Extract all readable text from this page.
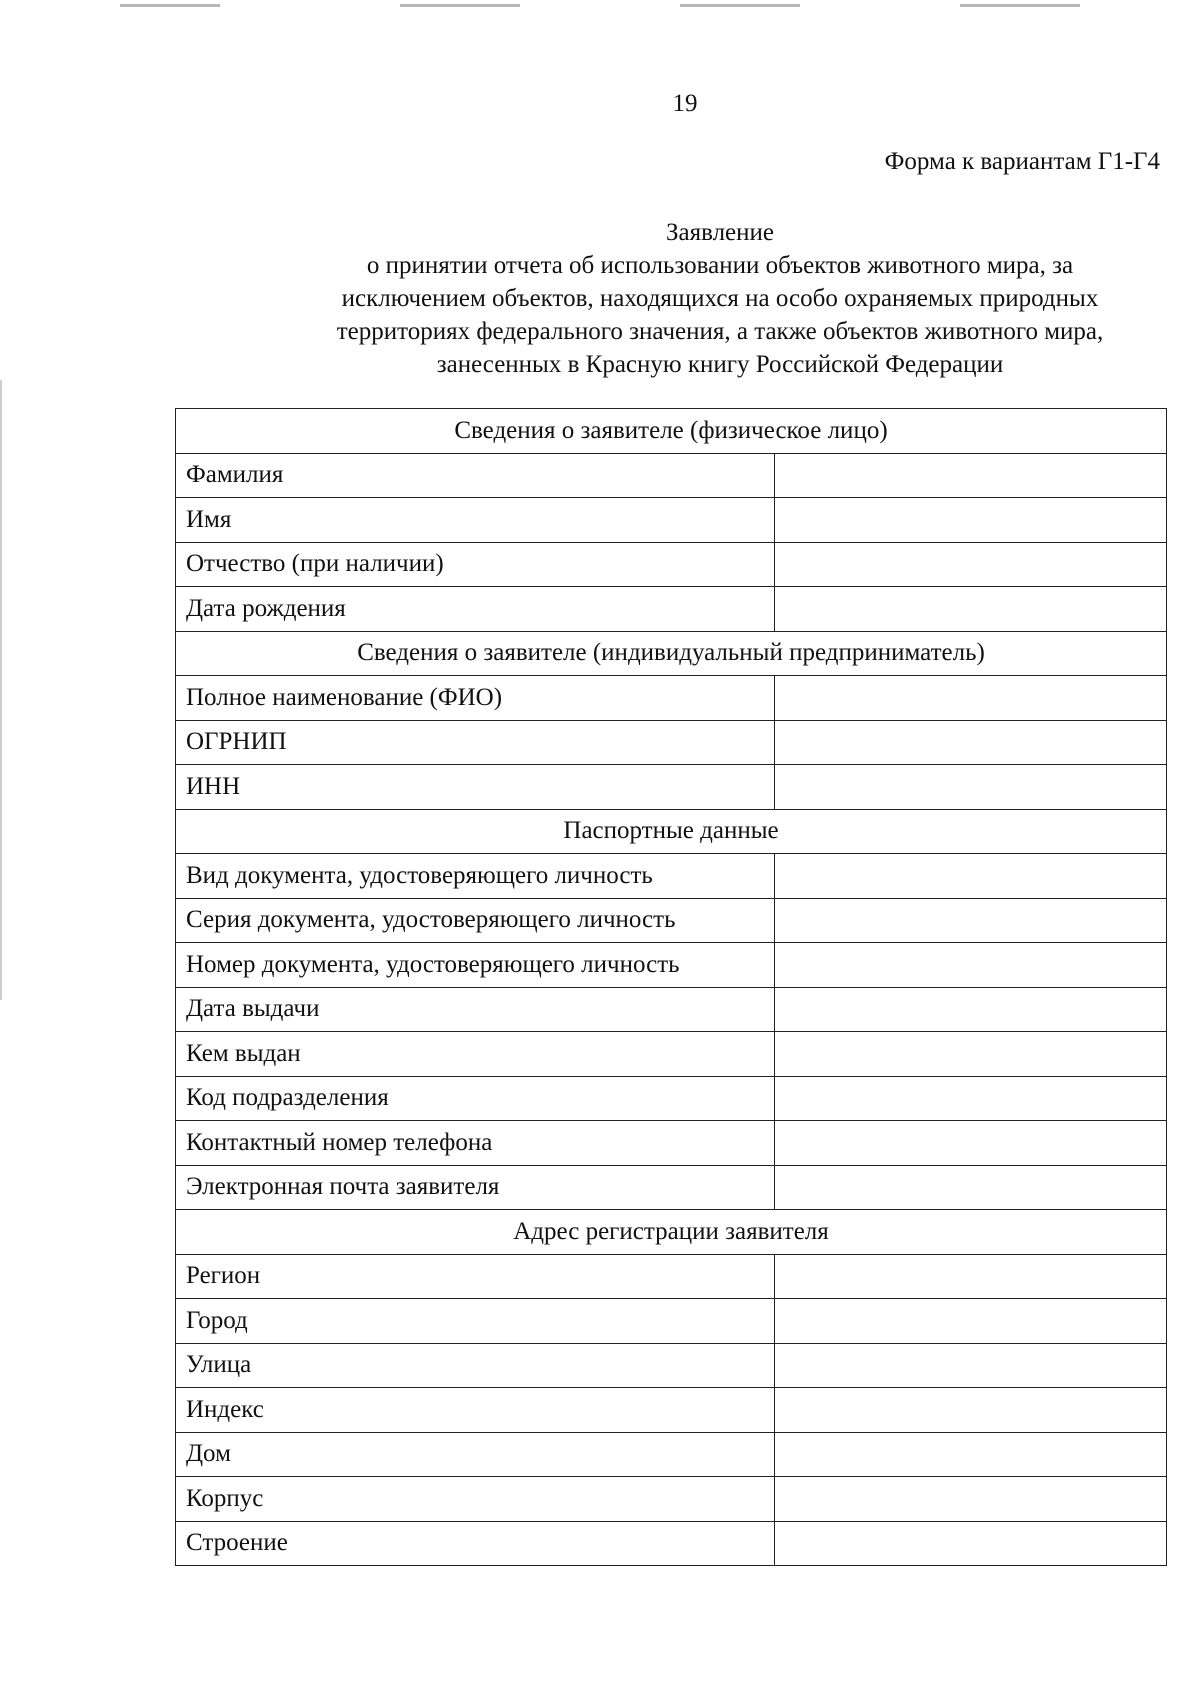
19
Форма к вариантам Г1-Г4
Заявление
о принятии отчета об использовании объектов животного мира, за
исключением объектов, находящихся на особо охраняемых природных
территориях федерального значения, а также объектов животного мира,
занесенных в Красную книгу Российской Федерации
Сведения о заявителе (физическое лицо)	
Фамилия	
Имя	
Отчество (при наличии)	
Дата рождения	
Сведения о заявителе (индивидуальный предприниматель)	
Полное наименование (ФИО)	
ОГРНИП	
ИНН	
Паспортные данные	
Вид документа, удостоверяющего личность	
Серия документа, удостоверяющего личность	
Номер документа, удостоверяющего личность	
Дата выдачи	
Кем выдан	
Код подразделения	
Контактный номер телефона	
Электронная почта заявителя	
Адрес регистрации заявителя	
Регион	
Город	
Улица	
Индекс	
Дом	
Корпус	
Строение	
